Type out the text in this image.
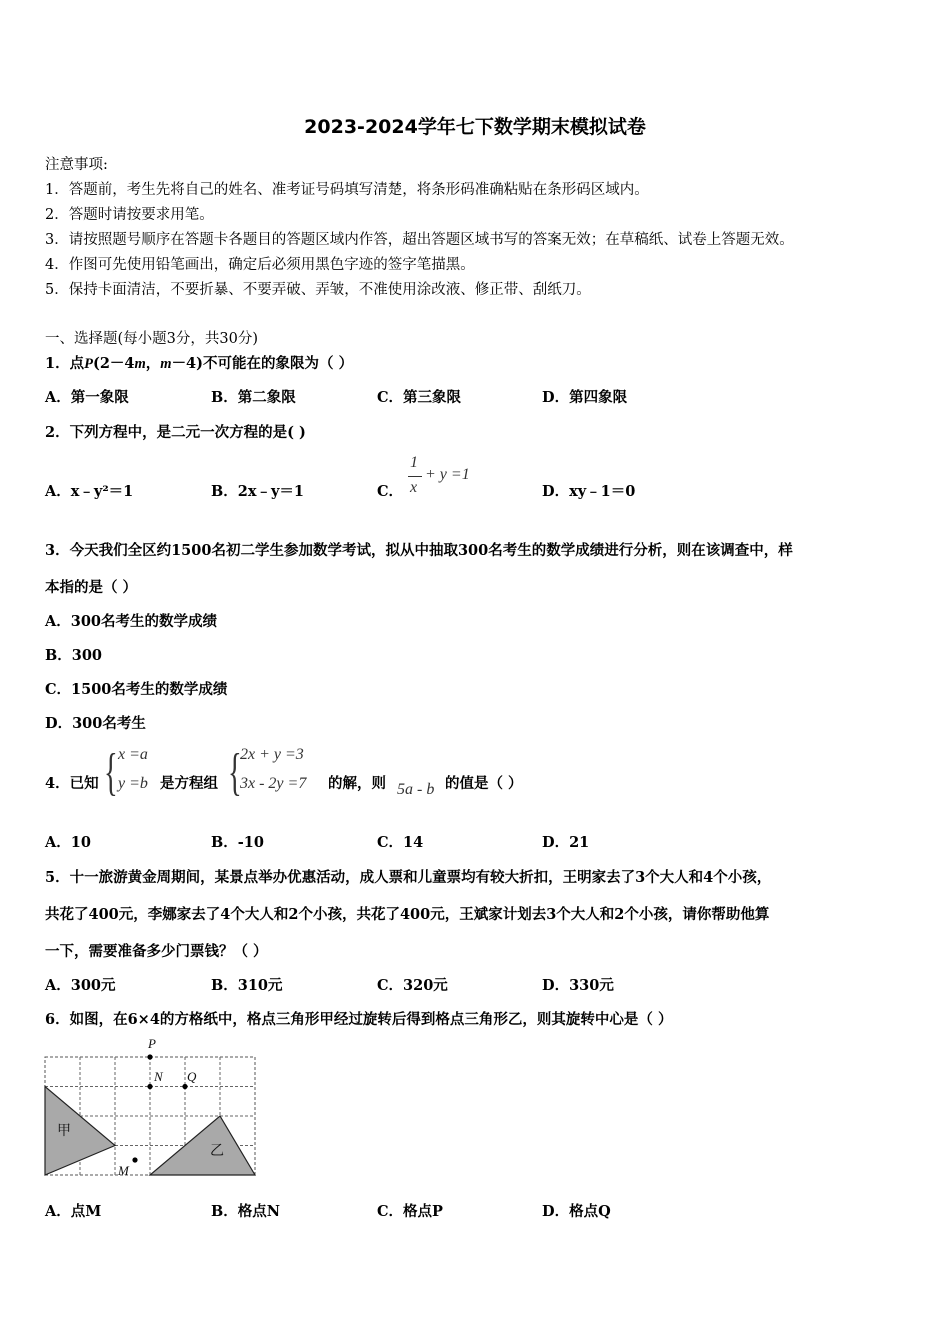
2023-2024学年七下数学期末模拟试卷
注意事项:
1．答题前，考生先将自己的姓名、准考证号码填写清楚，将条形码准确粘贴在条形码区域内。
2．答题时请按要求用笔。
3．请按照题号顺序在答题卡各题目的答题区域内作答，超出答题区域书写的答案无效；在草稿纸、试卷上答题无效。
4．作图可先使用铅笔画出，确定后必须用黑色字迹的签字笔描黑。
5．保持卡面清洁，不要折暴、不要弄破、弄皱，不准使用涂改液、修正带、刮纸刀。
一、选择题(每小题3分，共30分)
1．点P(2－4m，m－4)不可能在的象限为（ ）
A．第一象限	B．第二象限	C．第三象限	D．第四象限
2．下列方程中，是二元一次方程的是( )
A．x﹣y²＝1	B．2x﹣y＝1	C．
1
x
+ y =1
D．xy﹣1＝0
3．今天我们全区约1500名初二学生参加数学考试，拟从中抽取300名考生的数学成绩进行分析，则在该调查中，样
本指的是（ ）
A．300名考生的数学成绩
B．300
C．1500名考生的数学成绩
D．300名考生
4．已知 { x =a
y =b 是方程组 {
2x + y =3
3x - 2y =7 的解，则 5a - b 的值是（ ）
A．10	B．-10	C．14	D．21
5．十一旅游黄金周期间，某景点举办优惠活动，成人票和儿童票均有较大折扣，王明家去了3个大人和4个小孩，
共花了400元，李娜家去了4个大人和2个小孩，共花了400元，王斌家计划去3个大人和2个小孩，请你帮助他算
一下，需要准备多少门票钱？（ ）
A．300元	B．310元	C．320元	D．330元
6．如图，在6×4的方格纸中，格点三角形甲经过旋转后得到格点三角形乙，则其旋转中心是（ ）
甲
乙
P
N Q
M
A．点M	B．格点N	C．格点P	D．格点Q
